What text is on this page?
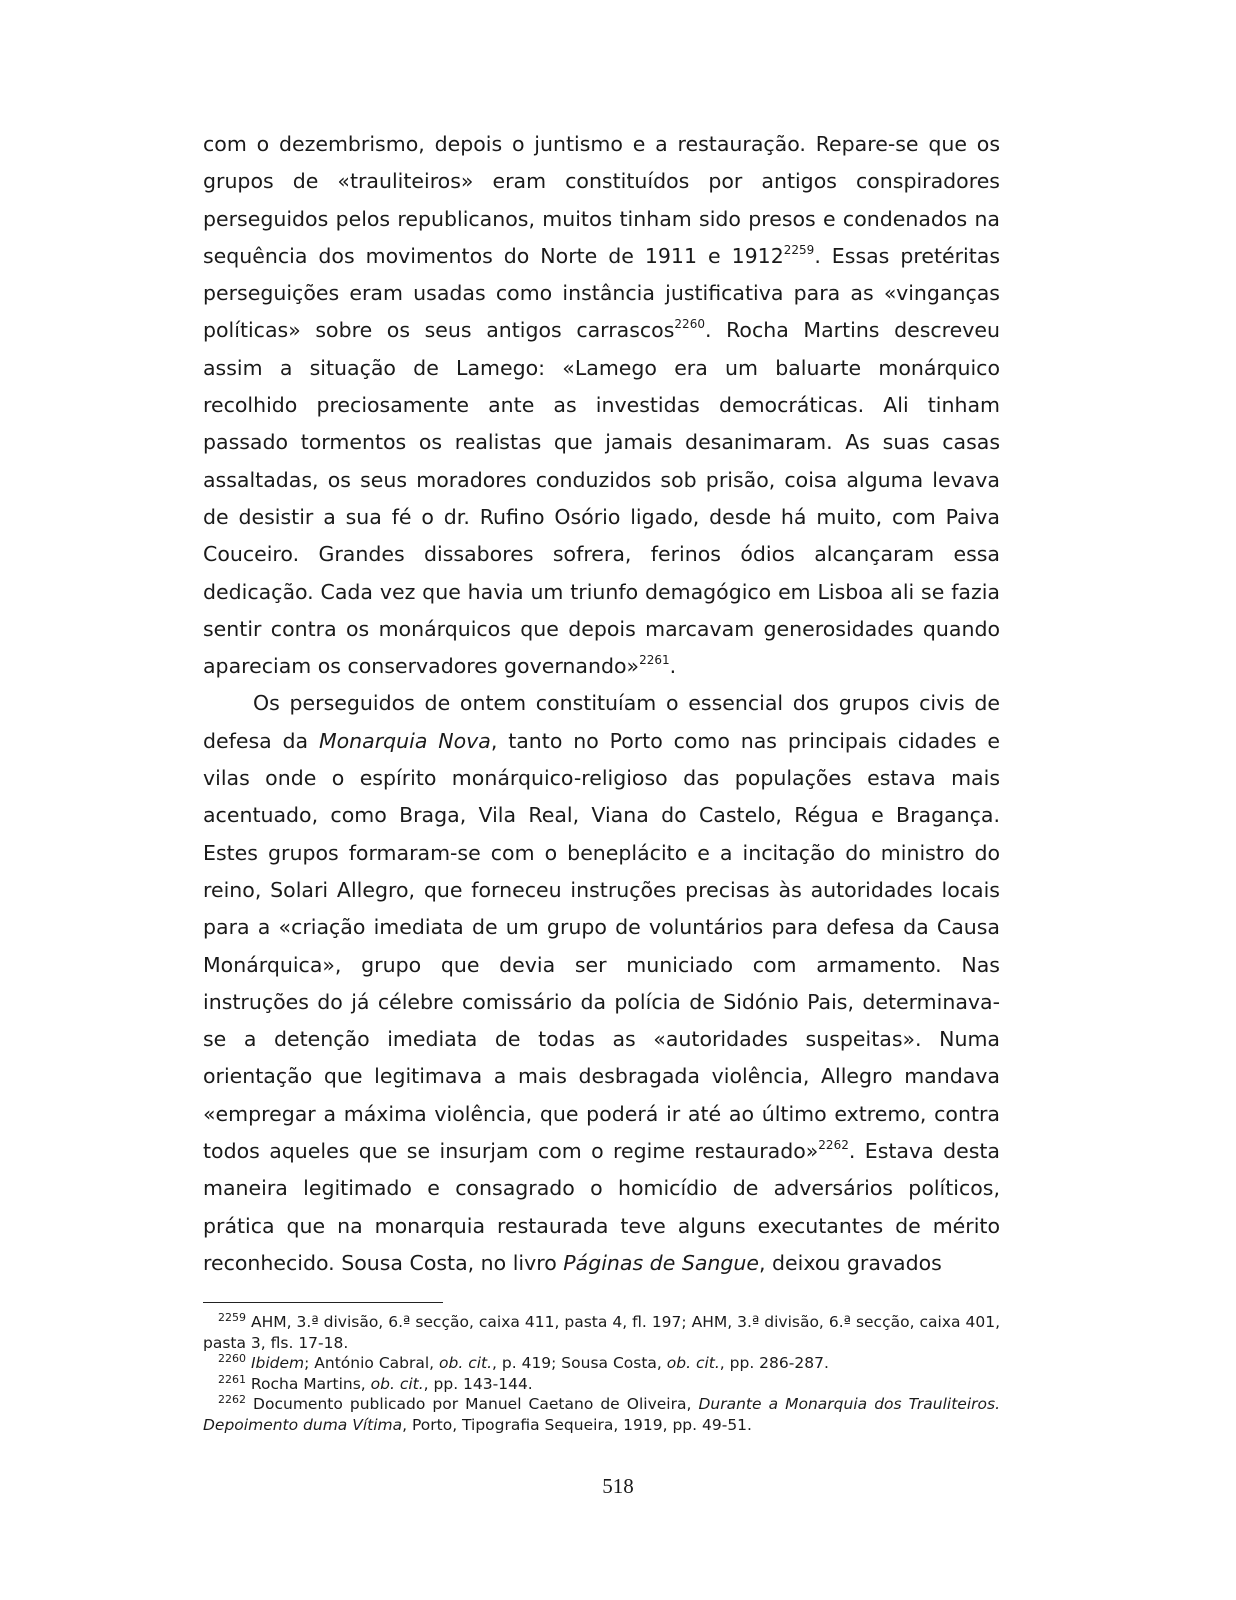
com o dezembrismo, depois o juntismo e a restauração. Repare-se que os grupos de «trauliteiros» eram constituídos por antigos conspiradores perseguidos pelos republicanos, muitos tinham sido presos e condenados na sequência dos movimentos do Norte de 1911 e $1912^{2259}$. Essas pretéritas perseguições eram usadas como instância justificativa para as «vinganças políticas» sobre os seus antigos carrascos$^{2260}$. Rocha Martins descreveu assim a situação de Lamego: «Lamego era um baluarte monárquico recolhido preciosamente ante as investidas democráticas. Ali tinham passado tormentos os realistas que jamais desanimaram. As suas casas assaltadas, os seus moradores conduzidos sob prisão, coisa alguma levava de desistir a sua fé o dr. Rufino Osório ligado, desde há muito, com Paiva Couceiro. Grandes dissabores sofrera, ferinos ódios alcançaram essa dedicação. Cada vez que havia um triunfo demagógico em Lisboa ali se fazia sentir contra os monárquicos que depois marcavam generosidades quando apareciam os conservadores governando»$^{2261}$.

Os perseguidos de ontem constituíam o essencial dos grupos civis de defesa da Monarquia Nova, tanto no Porto como nas principais cidades e vilas onde o espírito monárquico-religioso das populações estava mais acentuado, como Braga, Vila Real, Viana do Castelo, Régua e Bragança. Estes grupos formaram-se com o beneplácito e a incitação do ministro do reino, Solari Allegro, que forneceu instruções precisas às autoridades locais para a «criação imediata de um grupo de voluntários para defesa da Causa Monárquica», grupo que devia ser municiado com armamento. Nas instruções do já célebre comissário da polícia de Sidónio Pais, determinava-se a detenção imediata de todas as «autoridades suspeitas». Numa orientação que legitimava a mais desbragada violência, Allegro mandava «empregar a máxima violência, que poderá ir até ao último extremo, contra todos aqueles que se insurjam com o regime restaurado»$^{2262}$. Estava desta maneira legitimado e consagrado o homicídio de adversários políticos, prática que na monarquia restaurada teve alguns executantes de mérito reconhecido. Sousa Costa, no livro Páginas de Sangue, deixou gravados

$^{2259}$ AHM, 3.ª divisão, 6.ª secção, caixa 411, pasta 4, fl. 197; AHM, 3.ª divisão, 6.ª secção, caixa 401, pasta 3, fls. 17-18.

$^{2260}$ Ibidem; António Cabral, ob. cit., p. 419; Sousa Costa, ob. cit., pp. 286-287.

$^{2261}$ Rocha Martins, ob. cit., pp. 143-144.

$^{2262}$ Documento publicado por Manuel Caetano de Oliveira, Durante a Monarquia dos Trauliteiros. Depoimento duma Vítima, Porto, Tipografia Sequeira, 1919, pp. 49-51.

518
